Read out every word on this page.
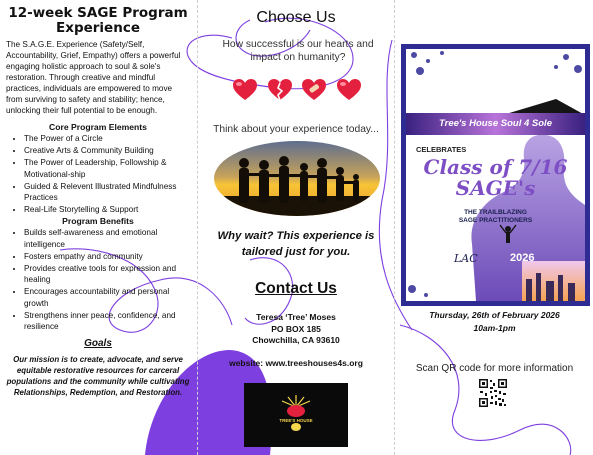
12-week SAGE Program Experience
The S.A.G.E. Experience (Safety/Self, Accountability, Grief, Empathy) offers a powerful engaging holistic approach to soul & sole's restoration. Through creative and mindful practices, individuals are empowered to move from surviving to safety and stability; hence, unlocking their full potential to be enough.
Core Program Elements
• The Power of a Circle
• Creative Arts & Community Building
• The Power of Leadership, Followship & Motivational-ship
• Guided & Relevent Illustrated Mindfulness Practices
• Real-Life Storytelling & Support
Program Benefits
• Builds self-awareness and emotional intelligence
• Fosters empathy and community
• Provides creative tools for expression and healing
• Encourages accountability and personal growth
• Strengthens inner peace, confidence, and resilience
Goals
Our mission is to create, advocate, and serve equitable restorative resources for carceral populations and the community while cultivating
Relationships, Redemption, and Restoration.
Choose Us
How successful is our hearts and impact on humanity?
Think about your experience today...
Why wait? This experience is tailored just for you.
Contact Us
Teresa ‘Tree’ Moses
PO BOX 185
Chowchilla, CA 93610
website: www.treeshouses4s.org
TREE'S HOUSE
Tree's House Soul 4 Sole
CELEBRATES
Class of 7/16
SAGE's
THE TRAILBLAZING
SAGE PRACTITIONERS
LAC	2026
Thursday, 26th of February 2026
10am-1pm
Scan QR code for more information
